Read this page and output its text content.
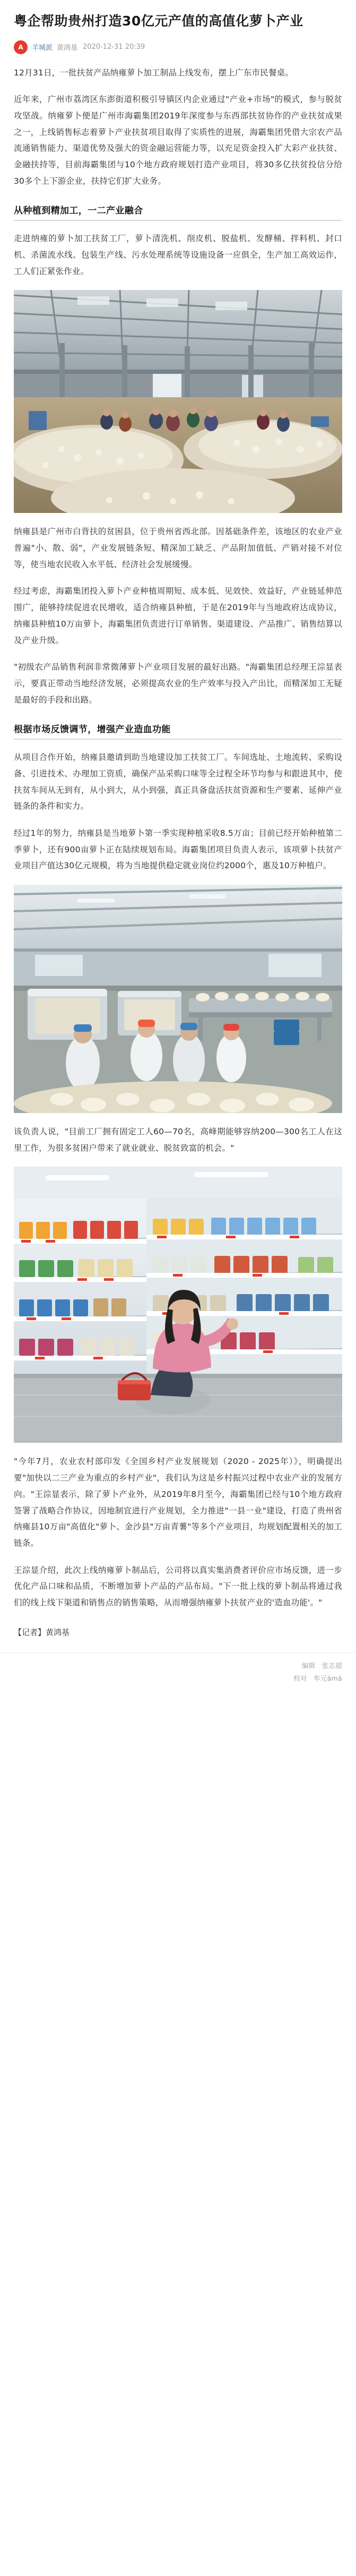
粤企帮助贵州打造30亿元产值的高值化萝卜产业
A	羊城派 黄鸿基 2020-12-31 20:39

12月31日，一批扶贫产品纳雍萝卜加工制品上线发布，摆上广东市民餐桌。

近年来，广州市荔湾区东澎街道积极引导镇区内企业通过"产业+市场"的模式，参与脱贫攻坚战。纳雍萝卜便是广州市海霸集团2019年深度参与东西部扶贫协作的产业扶贫成果之一，上线销售标志着萝卜产业扶贫项目取得了实质性的进展，海霸集团凭借大宗农产品流通销售能力、渠道优势及强大的资金融运营能力等，以充足资金投入扩大彩产业扶贫、金融扶持等，目前海霸集团与10个地方政府规划打造产业项目，将30多亿扶贫投信分给30多个上下游企业，扶持它们扩大业务。

从种植到精加工，一二产业融合

走进纳雍的萝卜加工扶贫工厂，萝卜清洗机、削皮机、脱盐机、发酵桶、拌料机、封口机、杀菌流水线、包装生产线、污水处理系统等设施设备一应俱全，生产加工高效运作，工人们正紧张作业。

纳雍县是广州市白背扶的贫困县，位于贵州省西北部。因基础条件差，该地区的农业产业普遍"小、散、弱"，产业发展链条短、精深加工缺乏、产品附加值低、产销对接不对位等，使当地农民收入水平低、经济社会发展缓慢。

经过考虑，海霸集团投入萝卜产业种植周期短、成本低、见效快、效益好，产业链延伸范围广，能够持续促进农民增收，适合纳雍县种植，于是在2019年与当地政府达成协议，纳雍县种植10万亩萝卜，海霸集团负责进行订单销售、渠道建设、产品推广、销售结算以及产业升级。

"初级农产品销售利润非常微薄萝卜产业项目发展的最好出路。"海霸集团总经理王淙显表示，要真正带动当地经济发展，必须提高农业的生产效率与投入产出比，而精深加工无疑是最好的手段和出路。

根据市场反馈调节，增强产业造血功能

从项目合作开始，纳雍县邀请到助当地建设加工扶贫工厂。车间选址、土地流转、采购设备、引进技术、办理加工资质，确保产品采购口味等全过程全环节均参与和跟进其中，使扶贫车间从无到有，从小到大，从小到强，真正具备盘活扶贫资源和生产要素、延伸产业链条的条件和实力。

经过1年的努力，纳雍县是当地萝卜第一季实现种植采收8.5万亩；目前已经开始种植第二季萝卜，还有900亩萝卜正在陆续规划布局。海霸集团项目负责人表示，该项萝卜扶贫产业项目产值达30亿元规模，将为当地提供稳定就业岗位约2000个，惠及10万种植户。

该负责人说，"目前工厂拥有固定工人60—70名，高峰期能够容纳200—300名工人在这里工作，为很多贫困户带来了就业就业、脱贫致富的机会。"

"今年7月，农业农村部印发《全国乡村产业发展规划（2020 - 2025年）》，明确提出要"加快以二三产业为重点的乡村产业"，我们认为这是乡村振兴过程中农业产业的发展方向。"王淙显表示，除了萝卜产业外，从2019年8月至今，海霸集团已经与10个地方政府签署了战略合作协议，因地制宜进行产业规划，全力推进"一县一业"建设，打造了贵州省纳雍县10万亩"高值化"萝卜、金沙县"万亩青薯"等多个产业项目，均规划配置相关的加工链条。

王淙显介绍，此次上线纳雍萝卜制品后，公司将以真实集消费者评价应市场反馈，进一步优化产品口味和品质，不断增加萝卜产品的产品布局。"下一批上线的萝卜制品将通过我们的线上线下渠道和销售点的销售策略，从而增强纳雍萝卜扶贫产业的'造血功能'。"

【记者】黄鸿基
编辑 张志超
校对 牟元ämä
